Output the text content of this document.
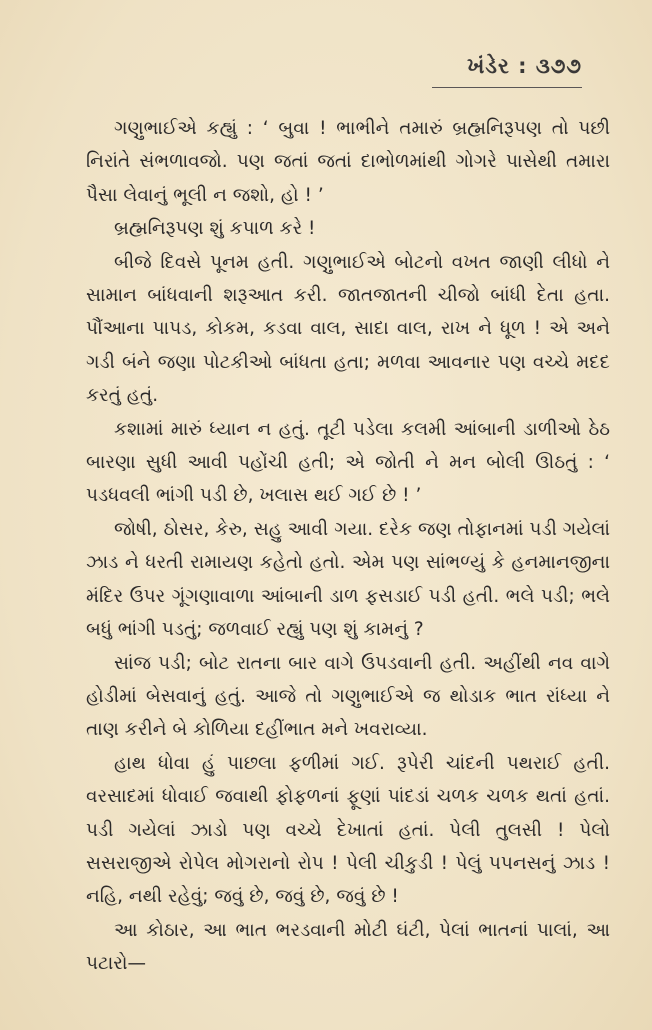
ખંડેર : ૩૭૭

ગણુભાઈએ કહ્યું : ‘ બુવા ! ભાભીને તમારું બ્રહ્મનિરૂપણ તો પછી નિરાંતે સંભળાવજો. પણ જતાં જતાં દાભોળમાંથી ગોગરે પાસેથી તમારા પૈસા લેવાનું ભૂલી ન જશો, હો ! ’

બ્રહ્મનિરૂપણ શું કપાળ કરે !

બીજે દિવસે પૂનમ હતી. ગણુભાઈએ બોટનો વખત જાણી લીધો ને સામાન બાંધવાની શરૂઆત કરી. જાતજાતની ચીજો બાંધી દેતા હતા. પૌંઆના પાપડ, કોકમ, કડવા વાલ, સાદા વાલ, રાખ ને ધૂળ ! એ અને ગડી બંને જણા પોટકીઓ બાંધતા હતા; મળવા આવનાર પણ વચ્ચે મદદ કરતું હતું.

કશામાં મારું ધ્યાન ન હતું. તૂટી પડેલા કલમી આંબાની ડાળીઓ ઠેઠ બારણા સુધી આવી પહોંચી હતી; એ જોતી ને મન બોલી ઊઠતું : ‘ પડધવલી ભાંગી પડી છે, ખલાસ થઈ ગઈ છે ! ’

જોષી, ઠોસર, કેરુ, સહુ આવી ગયા. દરેક જણ તોફાનમાં પડી ગયેલાં ઝાડ ને ધરતી રામાયણ કહેતો હતો. એમ પણ સાંભળ્યું કે હનમાનજીના મંદિર ઉપર ગૂંગણાવાળા આંબાની ડાળ ફસડાઈ પડી હતી. ભલે પડી; ભલે બધું ભાંગી પડતું; જળવાઈ રહ્યું પણ શું કામનું ?

સાંજ પડી; બોટ રાતના બાર વાગે ઉપડવાની હતી. અહીંથી નવ વાગે હોડીમાં બેસવાનું હતું. આજે તો ગણુભાઈએ જ થોડાક ભાત રાંધ્યા ને તાણ કરીને બે કોળિયા દહીંભાત મને ખવરાવ્યા.

હાથ ધોવા હું પાછલા ફળીમાં ગઈ. રૂપેરી ચાંદની પથરાઈ હતી. વરસાદમાં ધોવાઈ જવાથી ફોફળનાં ફૂણાં પાંદડાં ચળક ચળક થતાં હતાં. પડી ગયેલાં ઝાડો પણ વચ્ચે દેખાતાં હતાં. પેલી તુલસી ! પેલો સસરાજીએ રોપેલ મોગરાનો રોપ ! પેલી ચીકુડી ! પેલું પપનસનું ઝાડ ! નહિ, નથી રહેવું; જવું છે, જવું છે, જવું છે !

આ કોઠાર, આ ભાત ભરડવાની મોટી ઘંટી, પેલાં ભાતનાં પાલાં, આ પટારો—
